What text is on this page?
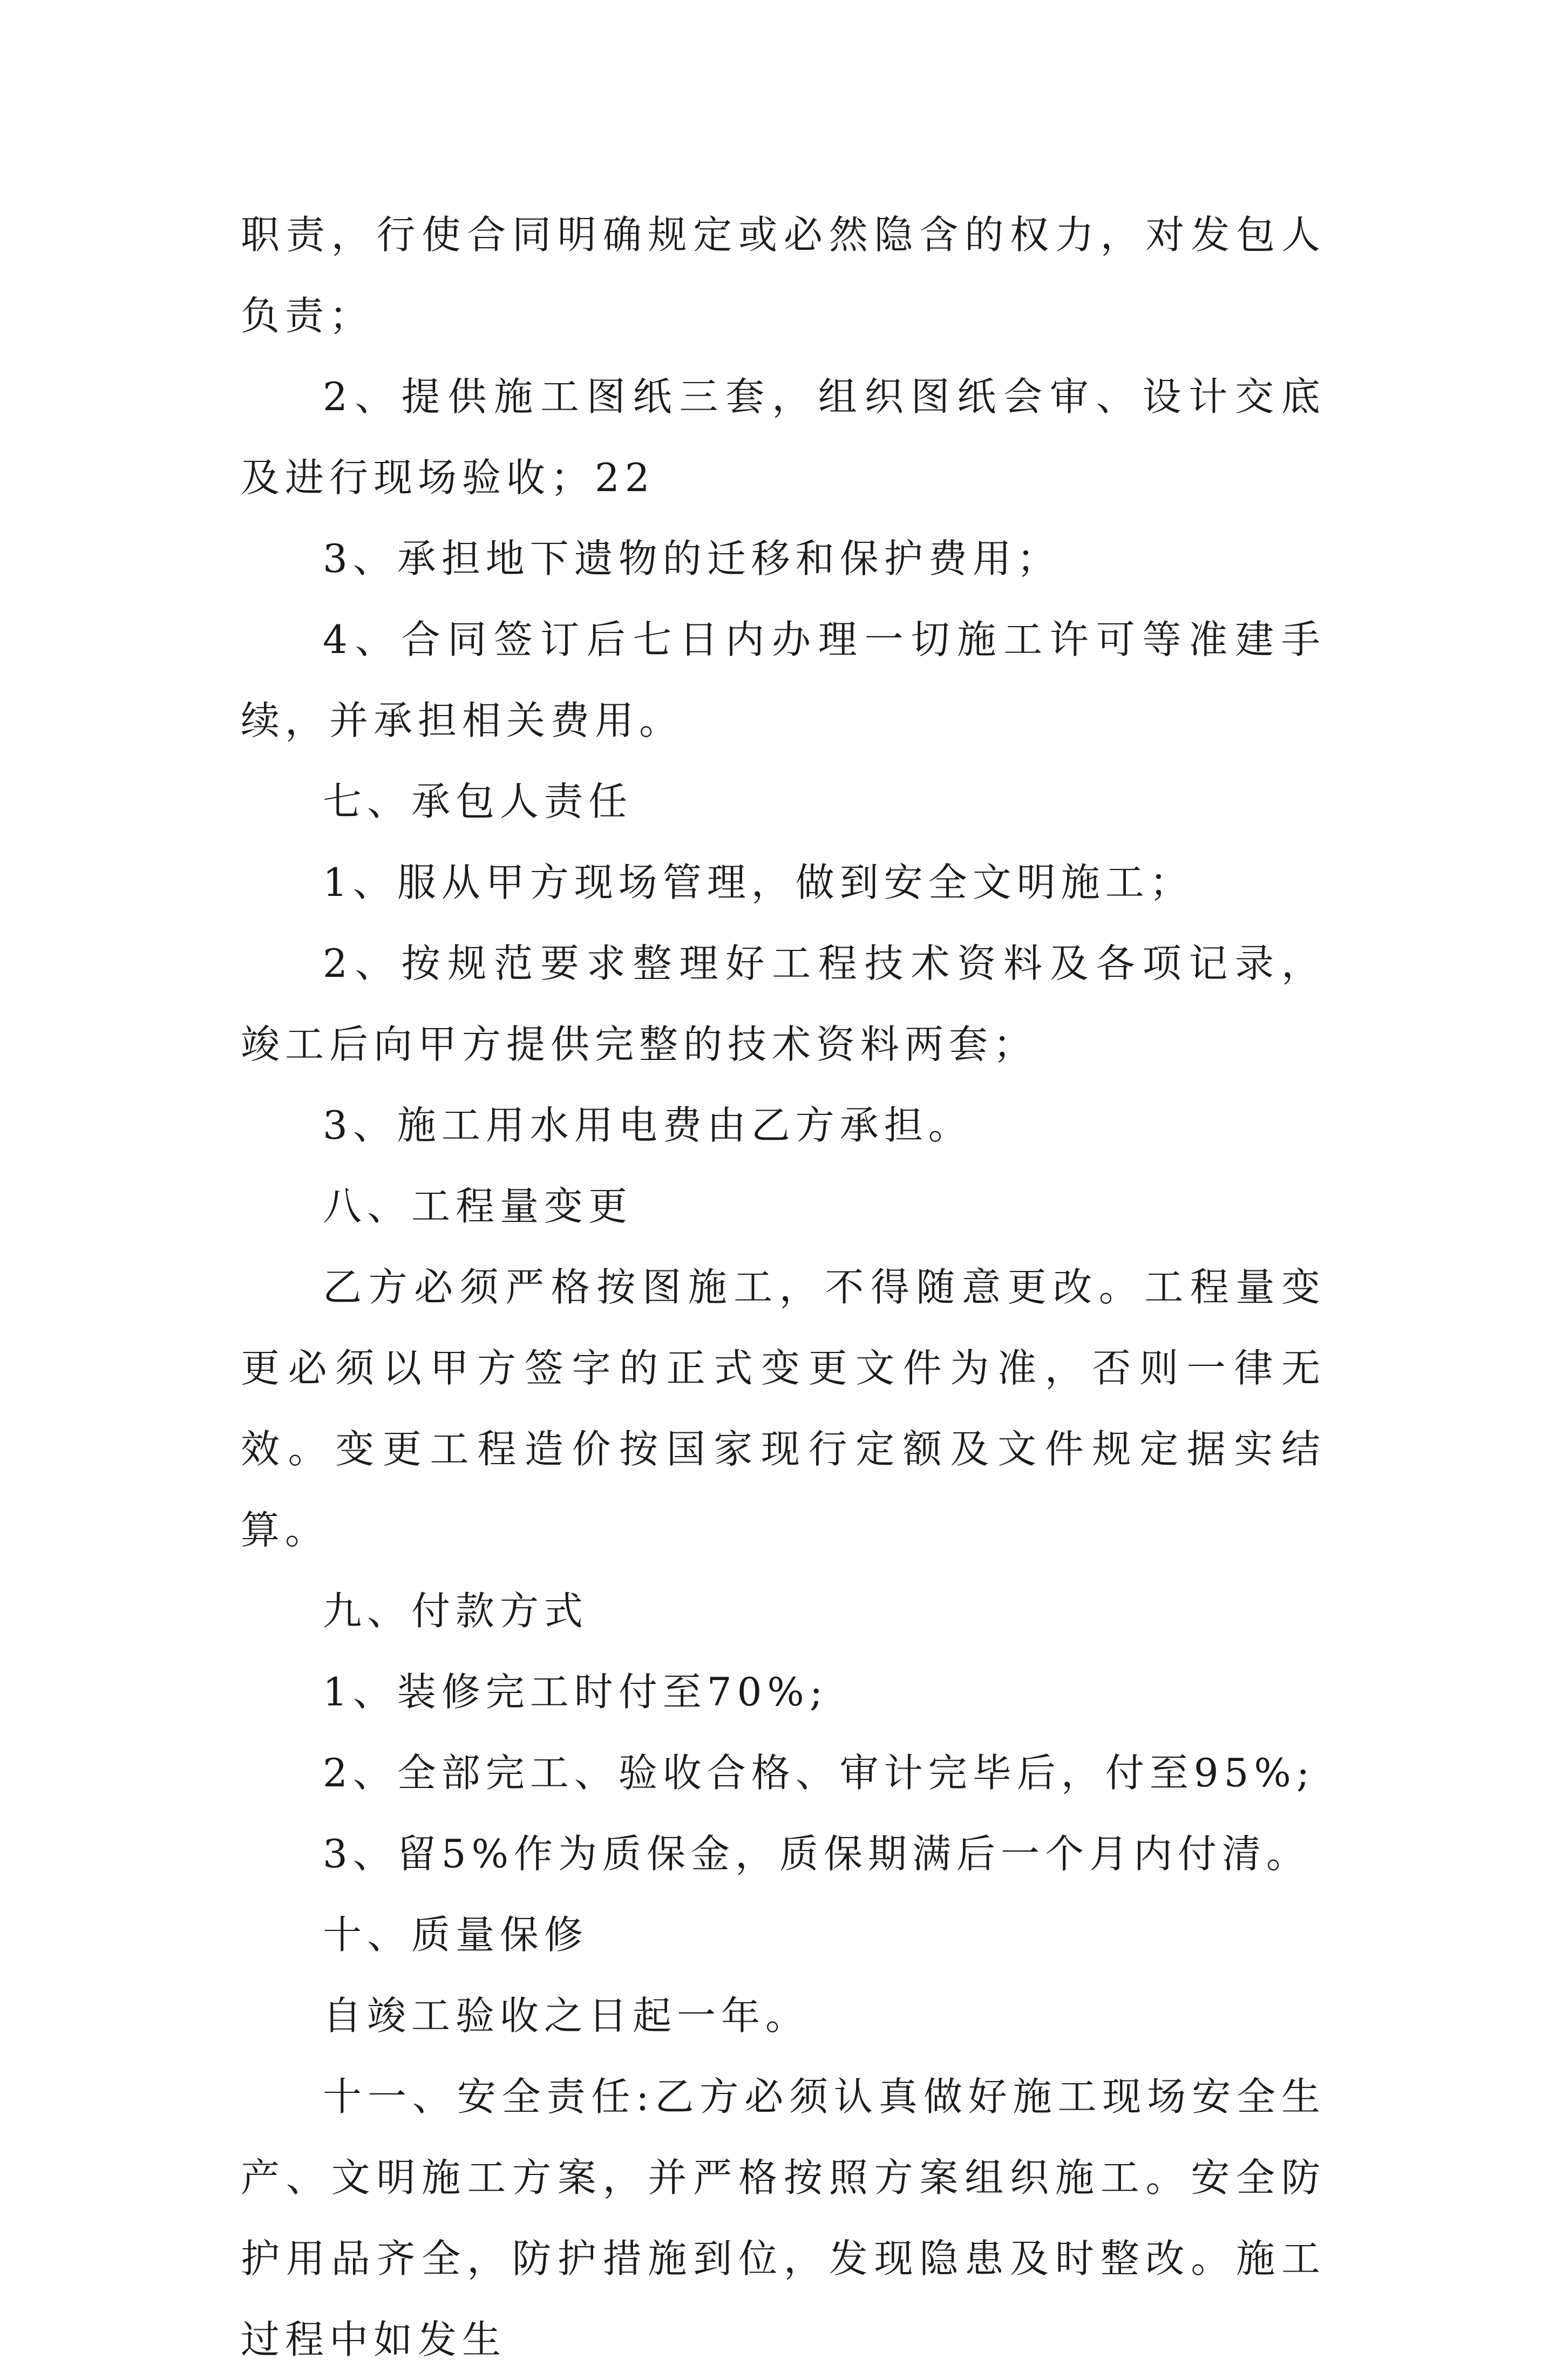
职责，行使合同明确规定或必然隐含的权力，对发包人负责；

2、提供施工图纸三套，组织图纸会审、设计交底及进行现场验收；22

3、承担地下遗物的迁移和保护费用；

4、合同签订后七日内办理一切施工许可等准建手续，并承担相关费用。

七、承包人责任

1、服从甲方现场管理，做到安全文明施工；

2、按规范要求整理好工程技术资料及各项记录，竣工后向甲方提供完整的技术资料两套；

3、施工用水用电费由乙方承担。

八、工程量变更

乙方必须严格按图施工，不得随意更改。工程量变更必须以甲方签字的正式变更文件为准，否则一律无效。变更工程造价按国家现行定额及文件规定据实结算。

九、付款方式

1、装修完工时付至70%;

2、全部完工、验收合格、审计完毕后，付至95%;

3、留5%作为质保金，质保期满后一个月内付清。

十、质量保修

自竣工验收之日起一年。

十一、安全责任:乙方必须认真做好施工现场安全生产、文明施工方案，并严格按照方案组织施工。安全防护用品齐全，防护措施到位，发现隐患及时整改。施工过程中如发生
